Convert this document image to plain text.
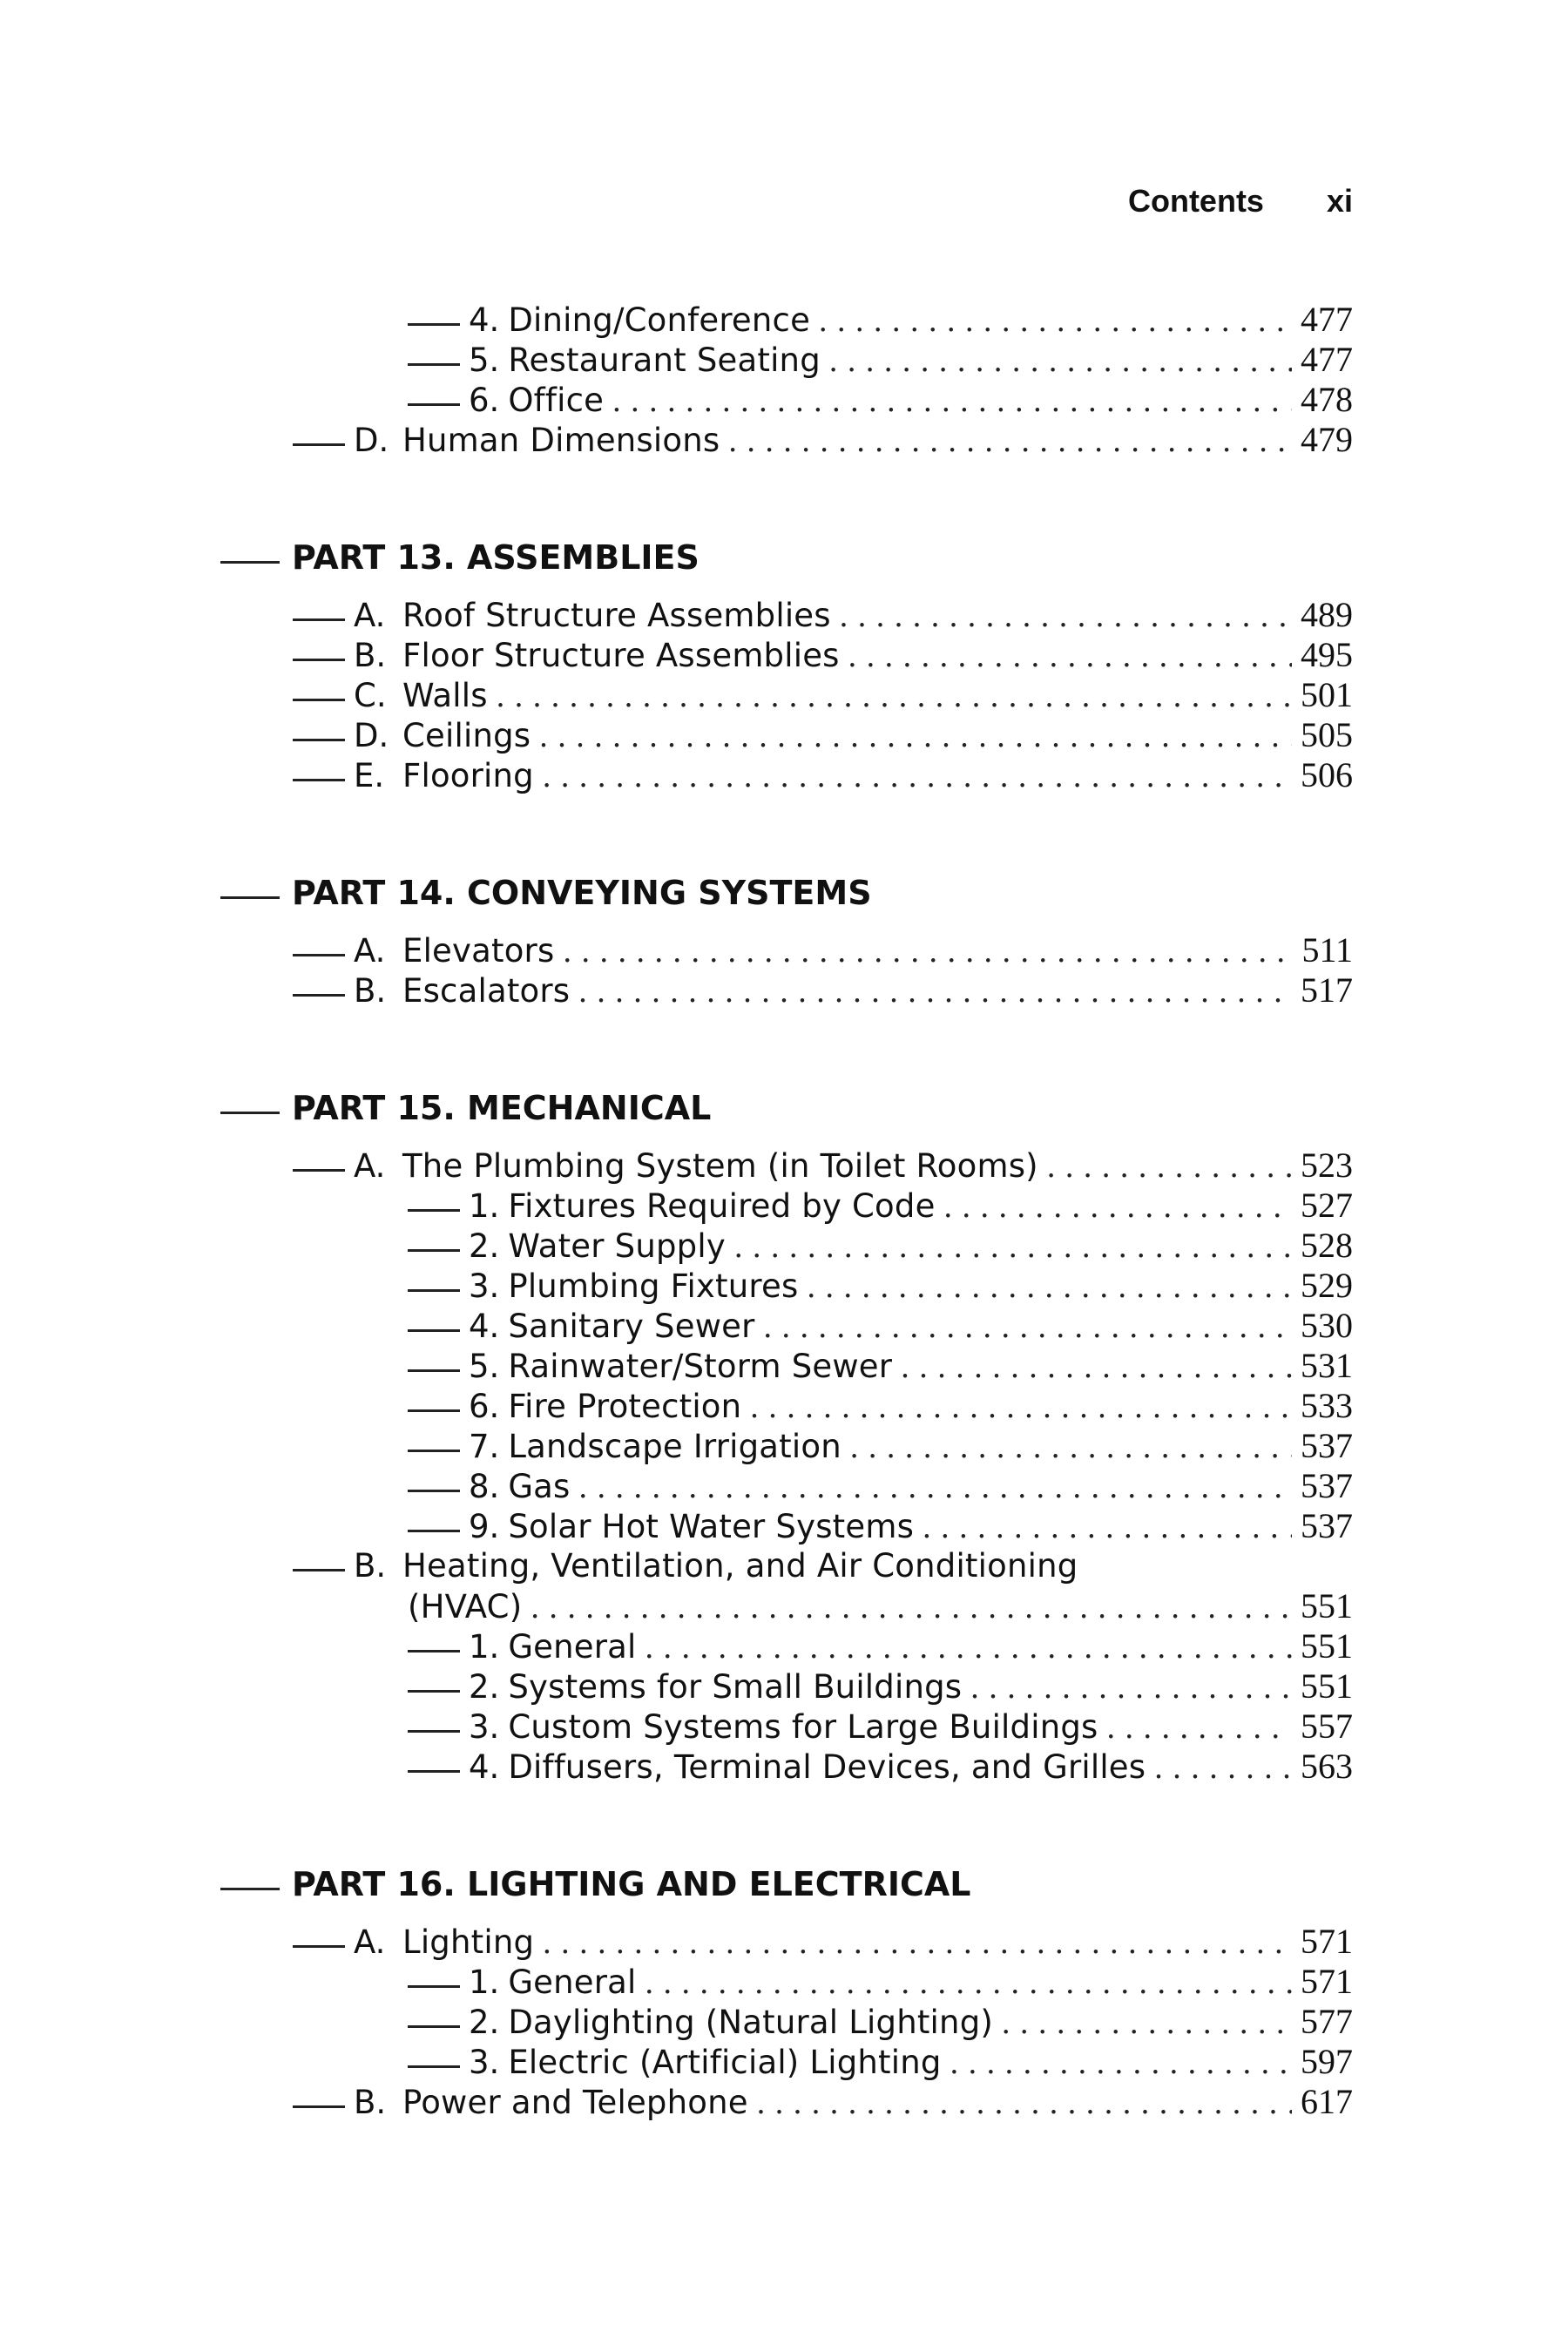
Contents xi
4. Dining/Conference . . .	477
5. Restaurant Seating . . .	477
6. Office . . .	478
D. Human Dimensions . . .	479
PART 13. ASSEMBLIES
A. Roof Structure Assemblies . . .	489
B. Floor Structure Assemblies . . .	495
C. Walls . . .	501
D. Ceilings . . .	505
E. Flooring . . .	506
PART 14. CONVEYING SYSTEMS
A. Elevators . . .	511
B. Escalators . . .	517
PART 15. MECHANICAL
A. The Plumbing System (in Toilet Rooms) . . .	523
1. Fixtures Required by Code . . .	527
2. Water Supply . . .	528
3. Plumbing Fixtures . . .	529
4. Sanitary Sewer . . .	530
5. Rainwater/Storm Sewer . . .	531
6. Fire Protection . . .	533
7. Landscape Irrigation . . .	537
8. Gas . . .	537
9. Solar Hot Water Systems . . .	537
B. Heating, Ventilation, and Air Conditioning
(HVAC) . . .	551
1. General . . .	551
2. Systems for Small Buildings . . .	551
3. Custom Systems for Large Buildings . . .	557
4. Diffusers, Terminal Devices, and Grilles . . .	563
PART 16. LIGHTING AND ELECTRICAL
A. Lighting . . .	571
1. General . . .	571
2. Daylighting (Natural Lighting) . . .	577
3. Electric (Artificial) Lighting . . .	597
B. Power and Telephone . . .	617
